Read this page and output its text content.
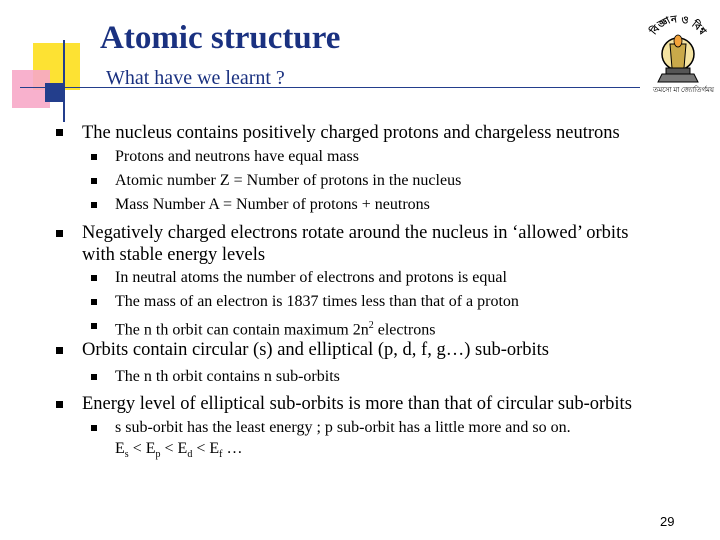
Atomic structure
What have we learnt ?
বিজ্ঞান ও বিশ্ব
তমসো মা জ্যোতির্গময়
The nucleus contains positively charged protons and chargeless neutrons
Protons and neutrons have equal mass
Atomic number Z = Number of protons in the nucleus
Mass Number A = Number of protons + neutrons
Negatively charged electrons rotate around the nucleus in ‘allowed’ orbits
with stable energy levels
In neutral atoms the number of electrons and protons is equal
The mass of an electron is 1837 times less than that of a proton
The n th orbit can contain maximum $2n^2$ electrons
Orbits contain circular (s) and elliptical (p, d, f, g…) sub-orbits
The n th orbit contains n sub-orbits
Energy level of elliptical sub-orbits is more than that of circular sub-orbits
s sub-orbit has the least energy ; p sub-orbit has a little more and so on.
$E_s < E_p < E_d < E_f$ …
29
